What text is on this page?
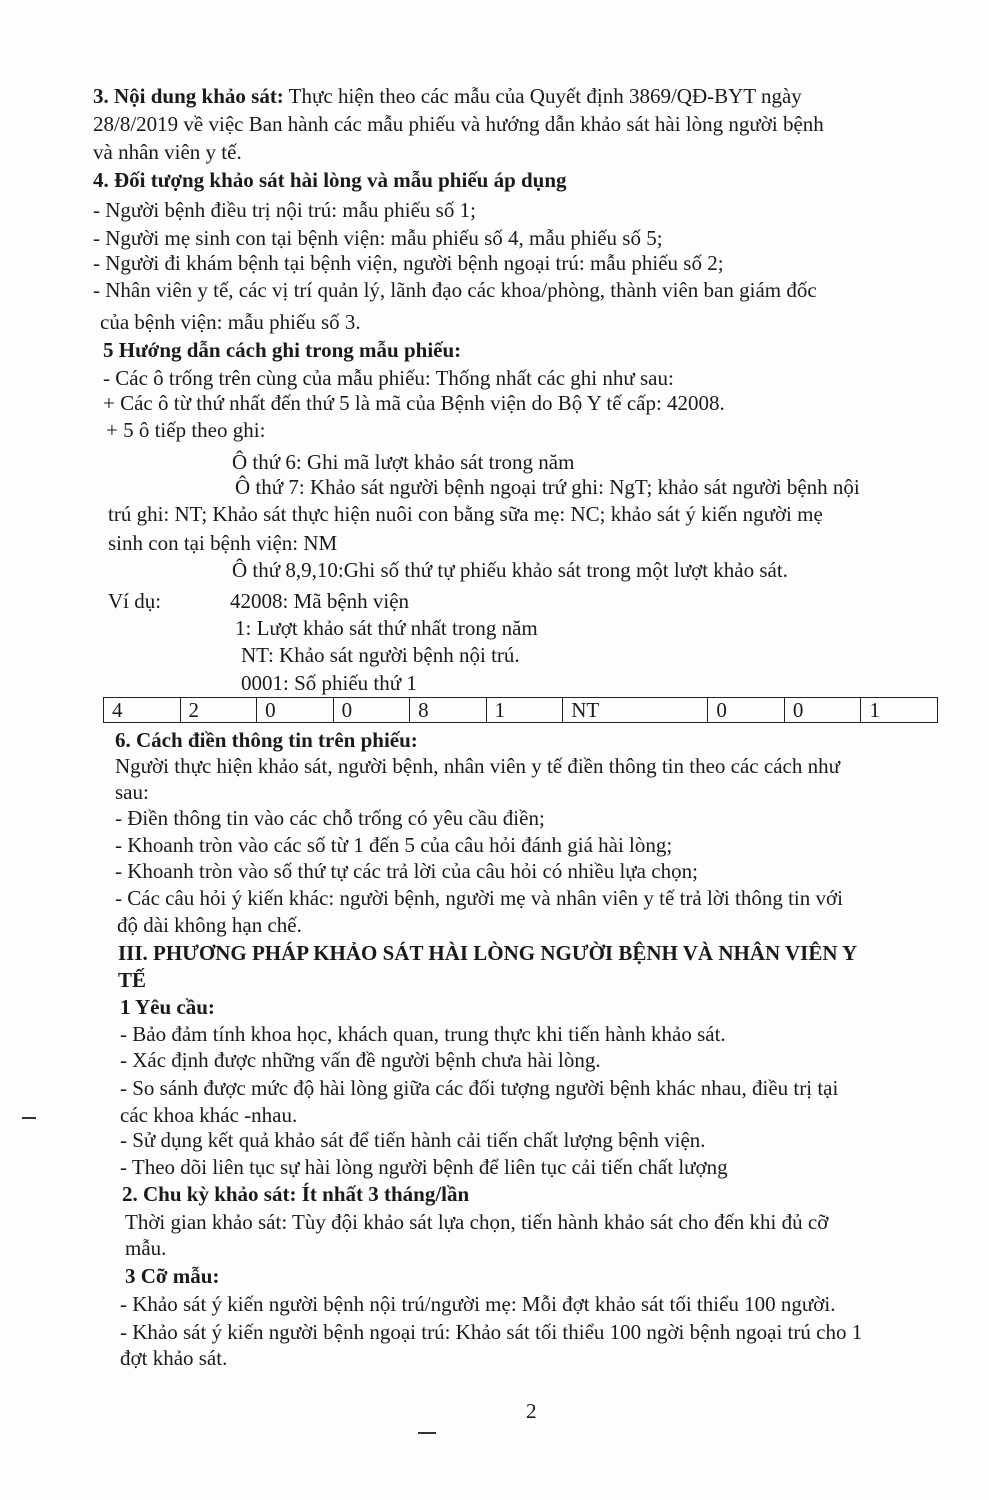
4	2	0	0	8	1	NT	0	0	1
2
3. Nội dung khảo sát: Thực hiện theo các mẫu của Quyết định 3869/QĐ-BYT ngày
28/8/2019 về việc Ban hành các mẫu phiếu và hướng dẫn khảo sát hài lòng người bệnh
và nhân viên y tế.
4. Đối tượng khảo sát hài lòng và mẫu phiếu áp dụng
- Người bệnh điều trị nội trú: mẫu phiếu số 1;
- Người mẹ sinh con tại bệnh viện: mẫu phiếu số 4, mẫu phiếu số 5;
- Người đi khám bệnh tại bệnh viện, người bệnh ngoại trú: mẫu phiếu số 2;
- Nhân viên y tế, các vị trí quản lý, lãnh đạo các khoa/phòng, thành viên ban giám đốc
của bệnh viện: mẫu phiếu số 3.
5 Hướng dẫn cách ghi trong mẫu phiếu:
- Các ô trống trên cùng của mẫu phiếu: Thống nhất các ghi như sau:
+ Các ô từ thứ nhất đến thứ 5 là mã của Bệnh viện do Bộ Y tế cấp: 42008.
+ 5 ô tiếp theo ghi:
Ô thứ 6: Ghi mã lượt khảo sát trong năm
Ô thứ 7: Khảo sát người bệnh ngoại trứ ghi: NgT; khảo sát người bệnh nội
trú ghi: NT; Khảo sát thực hiện nuôi con bằng sữa mẹ: NC; khảo sát ý kiến người mẹ
sinh con tại bệnh viện: NM
Ô thứ 8,9,10:Ghi số thứ tự phiếu khảo sát trong một lượt khảo sát.
Ví dụ:	42008: Mã bệnh viện
1: Lượt khảo sát thứ nhất trong năm
NT: Khảo sát người bệnh nội trú.
0001: Số phiếu thứ 1
6. Cách điền thông tin trên phiếu:
Người thực hiện khảo sát, người bệnh, nhân viên y tế điền thông tin theo các cách như
sau:
- Điền thông tin vào các chỗ trống có yêu cầu điền;
- Khoanh tròn vào các số từ 1 đến 5 của câu hỏi đánh giá hài lòng;
- Khoanh tròn vào số thứ tự các trả lời của câu hỏi có nhiều lựa chọn;
- Các câu hỏi ý kiến khác: người bệnh, người mẹ và nhân viên y tế trả lời thông tin với
độ dài không hạn chế.
III. PHƯƠNG PHÁP KHẢO SÁT HÀI LÒNG NGƯỜI BỆNH VÀ NHÂN VIÊN Y
TẾ
1 Yêu cầu:
- Bảo đảm tính khoa học, khách quan, trung thực khi tiến hành khảo sát.
- Xác định được những vấn đề người bệnh chưa hài lòng.
- So sánh được mức độ hài lòng giữa các đối tượng người bệnh khác nhau, điều trị tại
các khoa khác -nhau.
- Sử dụng kết quả khảo sát để tiến hành cải tiến chất lượng bệnh viện.
- Theo dõi liên tục sự hài lòng người bệnh để liên tục cải tiến chất lượng
2. Chu kỳ khảo sát: Ít nhất 3 tháng/lần
Thời gian khảo sát: Tùy đội khảo sát lựa chọn, tiến hành khảo sát cho đến khi đủ cỡ
mẫu.
3 Cỡ mẫu:
- Khảo sát ý kiến người bệnh nội trú/người mẹ: Mỗi đợt khảo sát tối thiểu 100 người.
- Khảo sát ý kiến người bệnh ngoại trú: Khảo sát tối thiểu 100 ngời bệnh ngoại trú cho 1
đợt khảo sát.
